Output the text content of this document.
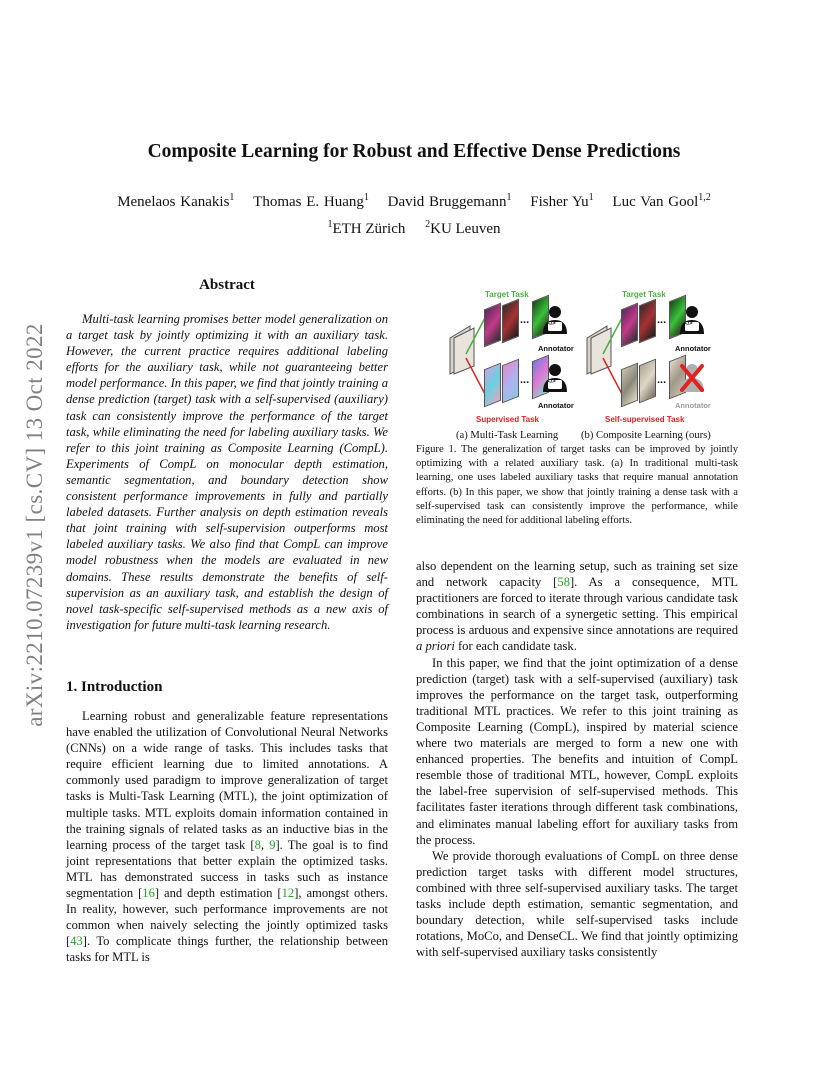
arXiv:2210.07239v1 [cs.CV] 13 Oct 2022
Composite Learning for Robust and Effective Dense Predictions
Menelaos Kanakis$^1$ Thomas E. Huang$^1$ David Bruggemann$^1$ Fisher Yu$^1$ Luc Van Gool$^{1,2}$
$^1$ETH Zürich $^2$KU Leuven
Abstract
Multi-task learning promises better model generalization on a target task by jointly optimizing it with an auxiliary task. However, the current practice requires additional labeling efforts for the auxiliary task, while not guaranteeing better model performance. In this paper, we find that jointly training a dense prediction (target) task with a self-supervised (auxiliary) task can consistently improve the performance of the target task, while eliminating the need for labeling auxiliary tasks. We refer to this joint training as Composite Learning (CompL). Experiments of CompL on monocular depth estimation, semantic segmentation, and boundary detection show consistent performance improvements in fully and partially labeled datasets. Further analysis on depth estimation reveals that joint training with self-supervision outperforms most labeled auxiliary tasks. We also find that CompL can improve model robustness when the models are evaluated in new domains. These results demonstrate the benefits of self-supervision as an auxiliary task, and establish the design of novel task-specific self-supervised methods as a new axis of investigation for future multi-task learning research.
1. Introduction
Learning robust and generalizable feature representations have enabled the utilization of Convolutional Neural Networks (CNNs) on a wide range of tasks. This includes tasks that require efficient learning due to limited annotations. A commonly used paradigm to improve generalization of target tasks is Multi-Task Learning (MTL), the joint optimization of multiple tasks. MTL exploits domain information contained in the training signals of related tasks as an inductive bias in the learning process of the target task [8, 9]. The goal is to find joint representations that better explain the optimized tasks. MTL has demonstrated success in tasks such as instance segmentation [16] and depth estimation [12], amongst others. In reality, however, such performance improvements are not common when naively selecting the jointly optimized tasks [43]. To complicate things further, the relationship between tasks for MTL is
Target Task
...	</>
Annotator
...	</>
Annotator
Supervised Task
Target Task
...	</>
Annotator
...
Annotator
Self-supervised Task
(a) Multi-Task Learning (b) Composite Learning (ours)
Figure 1. The generalization of target tasks can be improved by jointly optimizing with a related auxiliary task. (a) In traditional multi-task learning, one uses labeled auxiliary tasks that require manual annotation efforts. (b) In this paper, we show that jointly training a dense task with a self-supervised task can consistently improve the performance, while eliminating the need for additional labeling efforts.

also dependent on the learning setup, such as training set size and network capacity [58]. As a consequence, MTL practitioners are forced to iterate through various candidate task combinations in search of a synergetic setting. This empirical process is arduous and expensive since annotations are required a priori for each candidate task.

In this paper, we find that the joint optimization of a dense prediction (target) task with a self-supervised (auxiliary) task improves the performance on the target task, outperforming traditional MTL practices. We refer to this joint training as Composite Learning (CompL), inspired by material science where two materials are merged to form a new one with enhanced properties. The benefits and intuition of CompL resemble those of traditional MTL, however, CompL exploits the label-free supervision of self-supervised methods. This facilitates faster iterations through different task combinations, and eliminates manual labeling effort for auxiliary tasks from the process.

We provide thorough evaluations of CompL on three dense prediction target tasks with different model structures, combined with three self-supervised auxiliary tasks. The target tasks include depth estimation, semantic segmentation, and boundary detection, while self-supervised tasks include rotations, MoCo, and DenseCL. We find that jointly optimizing with self-supervised auxiliary tasks consistently
